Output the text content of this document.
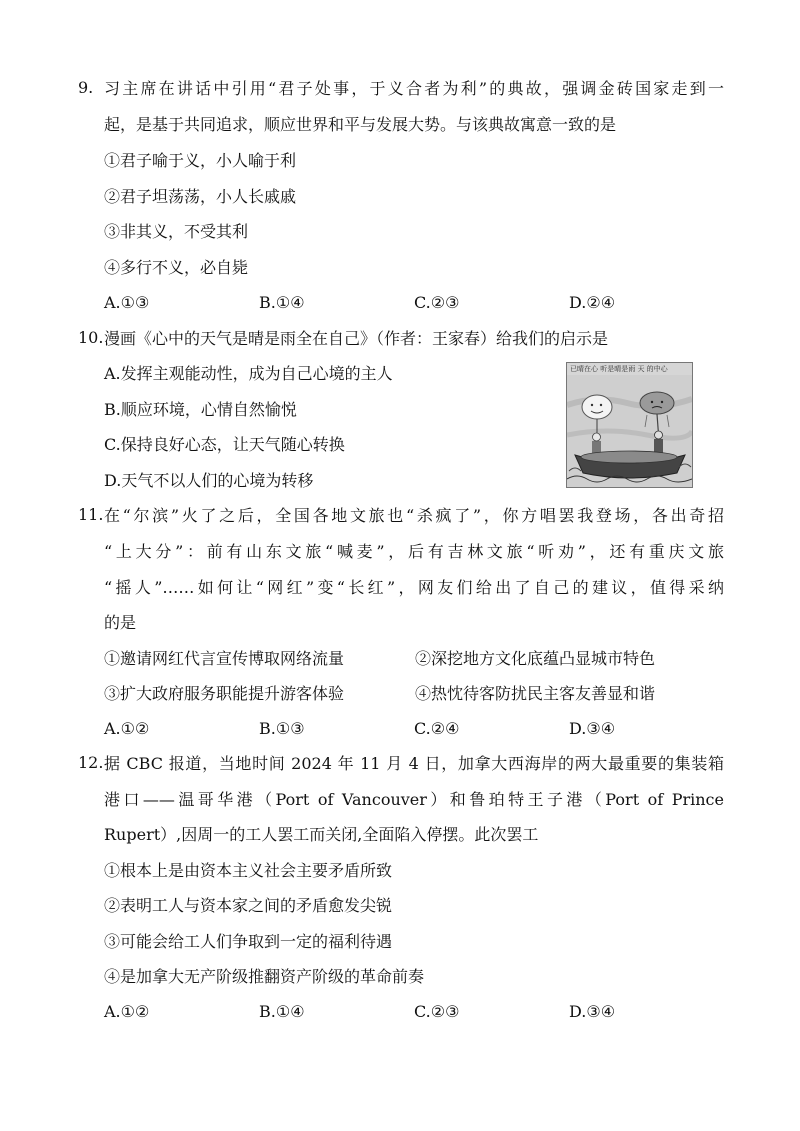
9. 习主席在讲话中引用“君子处事，于义合者为利”的典故，强调金砖国家走到一
起，是基于共同追求，顺应世界和平与发展大势。与该典故寓意一致的是
①君子喻于义，小人喻于利
②君子坦荡荡，小人长戚戚
③非其义，不受其利
④多行不义，必自毙
A.①③	B.①④	C.②③	D.②④
10. 漫画《心中的天气是晴是雨全在自己》（作者：王家春）给我们的启示是
A.发挥主观能动性，成为自己心境的主人
B.顺应环境，心情自然愉悦
C.保持良好心态，让天气随心转换
D.天气不以人们的心境为转移
已晴在心 听是晴是雨 天 的中心
11. 在“尔滨”火了之后，全国各地文旅也“杀疯了”，你方唱罢我登场，各出奇招
“上大分”：前有山东文旅“喊麦”，后有吉林文旅“听劝”，还有重庆文旅
“摇人”……如何让“网红”变“长红”，网友们给出了自己的建议，值得采纳
的是
①邀请网红代言宣传博取网络流量	②深挖地方文化底蕴凸显城市特色
③扩大政府服务职能提升游客体验	④热忱待客防扰民主客友善显和谐
A.①②	B.①③	C.②④	D.③④
12. 据 CBC 报道，当地时间 2024 年 11 月 4 日，加拿大西海岸的两大最重要的集装箱
港口——温哥华港（Port of Vancouver）和鲁珀特王子港（Port of Prince
Rupert）,因周一的工人罢工而关闭,全面陷入停摆。此次罢工
①根本上是由资本主义社会主要矛盾所致
②表明工人与资本家之间的矛盾愈发尖锐
③可能会给工人们争取到一定的福利待遇
④是加拿大无产阶级推翻资产阶级的革命前奏
A.①②	B.①④	C.②③	D.③④
